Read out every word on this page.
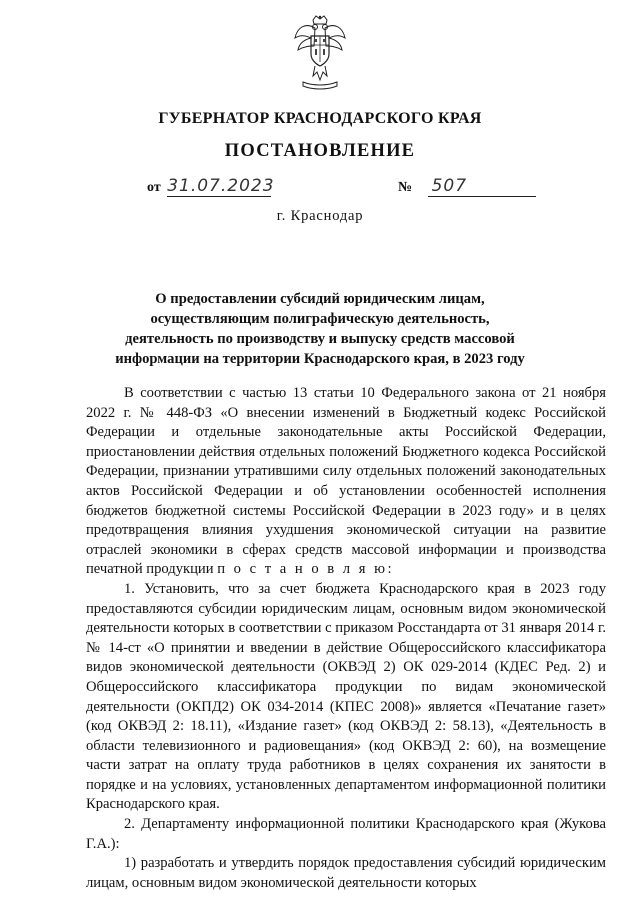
ГУБЕРНАТОР КРАСНОДАРСКОГО КРАЯ
ПОСТАНОВЛЕНИЕ
от 31.07.2023	№ 507
г. Краснодар
О предоставлении субсидий юридическим лицам,
осуществляющим полиграфическую деятельность,
деятельность по производству и выпуску средств массовой
информации на территории Краснодарского края, в 2023 году

В соответствии с частью 13 статьи 10 Федерального закона от 21 ноября 2022 г. № 448-ФЗ «О внесении изменений в Бюджетный кодекс Российской Федерации и отдельные законодательные акты Российской Федерации, приостановлении действия отдельных положений Бюджетного кодекса Российской Федерации, признании утратившими силу отдельных положений законодательных актов Российской Федерации и об установлении особенностей исполнения бюджетов бюджетной системы Российской Федерации в 2023 году» и в целях предотвращения влияния ухудшения экономической ситуации на развитие отраслей экономики в сферах средств массовой информации и производства печатной продукции п о с т а н о в л я ю:

1. Установить, что за счет бюджета Краснодарского края в 2023 году предоставляются субсидии юридическим лицам, основным видом экономической деятельности которых в соответствии с приказом Росстандарта от 31 января 2014 г. № 14-ст «О принятии и введении в действие Общероссийского классификатора видов экономической деятельности (ОКВЭД 2) ОК 029-2014 (КДЕС Ред. 2) и Общероссийского классификатора продукции по видам экономической деятельности (ОКПД2) ОК 034-2014 (КПЕС 2008)» является «Печатание газет» (код ОКВЭД 2: 18.11), «Издание газет» (код ОКВЭД 2: 58.13), «Деятельность в области телевизионного и радиовещания» (код ОКВЭД 2: 60), на возмещение части затрат на оплату труда работников в целях сохранения их занятости в порядке и на условиях, установленных департаментом информационной политики Краснодарского края.

2. Департаменту информационной политики Краснодарского края (Жукова Г.А.):

1) разработать и утвердить порядок предоставления субсидий юридическим лицам, основным видом экономической деятельности которых
